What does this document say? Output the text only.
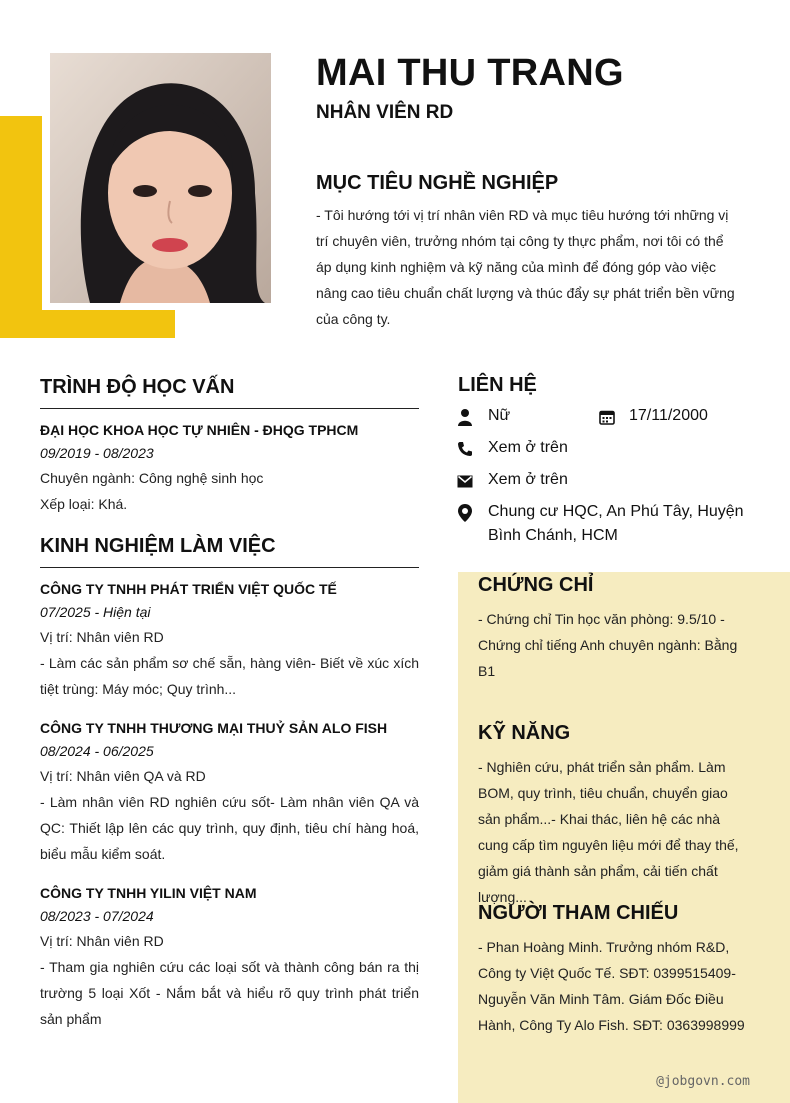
MAI THU TRANG
NHÂN VIÊN RD
MỤC TIÊU NGHỀ NGHIỆP
- Tôi hướng tới vị trí nhân viên RD và mục tiêu hướng tới những vị trí chuyên viên, trưởng nhóm tại công ty thực phẩm, nơi tôi có thể áp dụng kinh nghiệm và kỹ năng của mình để đóng góp vào việc nâng cao tiêu chuẩn chất lượng và thúc đẩy sự phát triển bền vững của công ty.
TRÌNH ĐỘ HỌC VẤN
ĐẠI HỌC KHOA HỌC TỰ NHIÊN - ĐHQG TPHCM
09/2019 - 08/2023
Chuyên ngành: Công nghệ sinh học
Xếp loại: Khá.
KINH NGHIỆM LÀM VIỆC
CÔNG TY TNHH PHÁT TRIỂN VIỆT QUỐC TẾ
07/2025 - Hiện tại
Vị trí: Nhân viên RD
- Làm các sản phẩm sơ chế sẵn, hàng viên- Biết về xúc xích tiệt trùng: Máy móc; Quy trình...
CÔNG TY TNHH THƯƠNG MẠI THUỶ SẢN ALO FISH
08/2024 - 06/2025
Vị trí: Nhân viên QA và RD
- Làm nhân viên RD nghiên cứu sốt- Làm nhân viên QA và QC: Thiết lập lên các quy trình, quy định, tiêu chí hàng hoá, biểu mẫu kiểm soát.
CÔNG TY TNHH YILIN VIỆT NAM
08/2023 - 07/2024
Vị trí: Nhân viên RD
- Tham gia nghiên cứu các loại sốt và thành công bán ra thị trường 5 loại Xốt - Nắm bắt và hiểu rõ quy trình phát triển sản phẩm
LIÊN HỆ
Nữ	17/11/2000
Xem ở trên
Xem ở trên
Chung cư HQC, An Phú Tây, Huyện Bình Chánh, HCM
CHỨNG CHỈ
- Chứng chỉ Tin học văn phòng: 9.5/10 - Chứng chỉ tiếng Anh chuyên ngành: Bằng B1
KỸ NĂNG
- Nghiên cứu, phát triển sản phẩm. Làm BOM, quy trình, tiêu chuẩn, chuyển giao sản phẩm...- Khai thác, liên hệ các nhà cung cấp tìm nguyên liệu mới để thay thế, giảm giá thành sản phẩm, cải tiến chất lượng...
NGƯỜI THAM CHIẾU
- Phan Hoàng Minh. Trưởng nhóm R&D, Công ty Việt Quốc Tế. SĐT: 0399515409- Nguyễn Văn Minh Tâm. Giám Đốc Điều Hành, Công Ty Alo Fish. SĐT: 0363998999
@jobgovn.com
